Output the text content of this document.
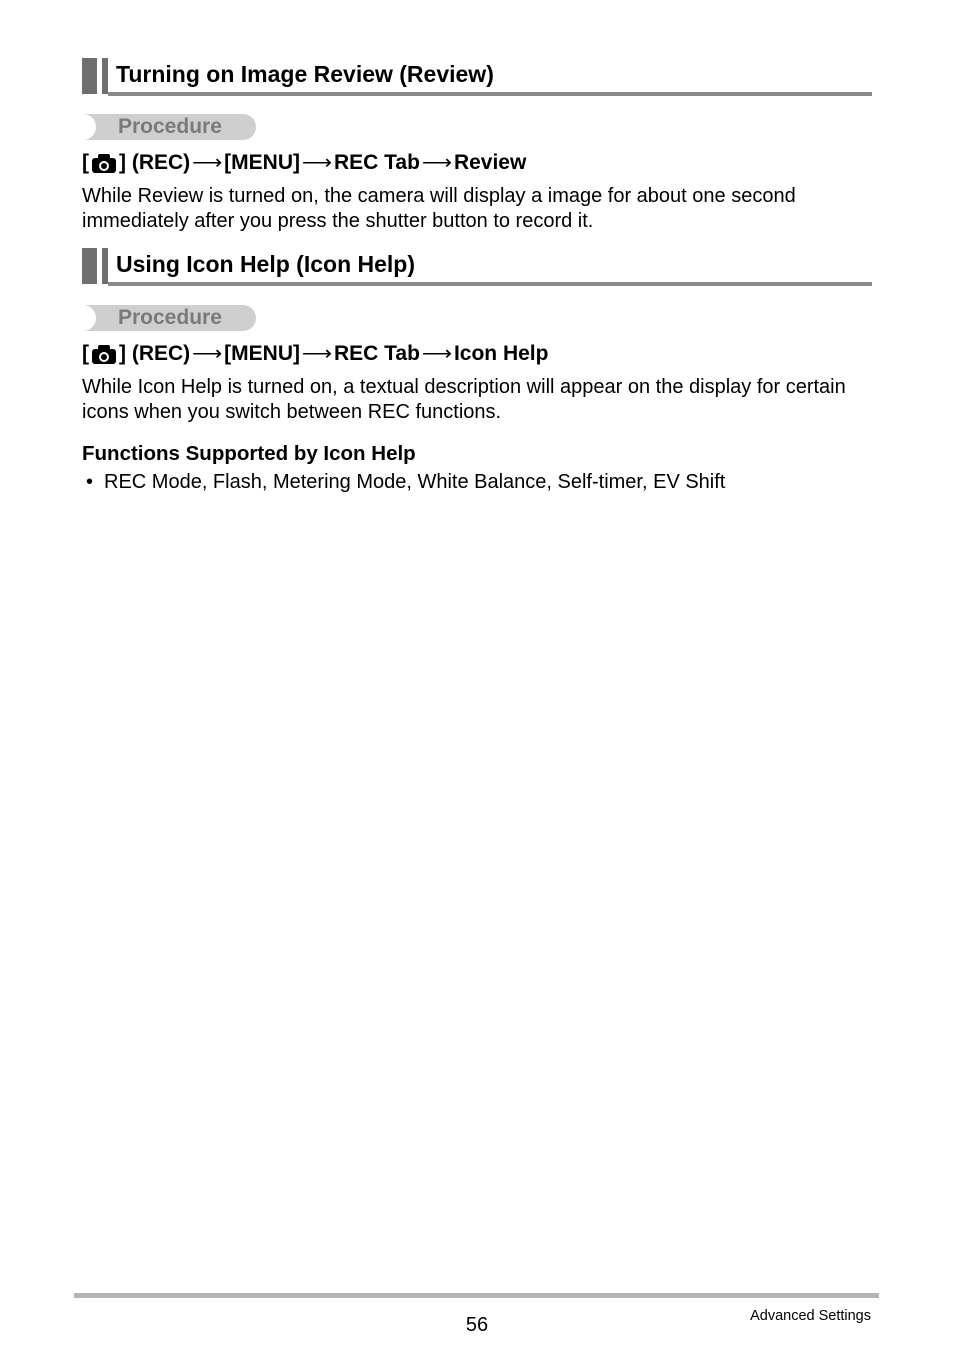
Turning on Image Review (Review)
Procedure
[ ] (REC) ⟶ [MENU] ⟶ REC Tab ⟶ Review
While Review is turned on, the camera will display a image for about one second immediately after you press the shutter button to record it.
Using Icon Help (Icon Help)
Procedure
[ ] (REC) ⟶ [MENU] ⟶ REC Tab ⟶ Icon Help
While Icon Help is turned on, a textual description will appear on the display for certain icons when you switch between REC functions.
Functions Supported by Icon Help
• REC Mode, Flash, Metering Mode, White Balance, Self-timer, EV Shift
56	Advanced Settings
